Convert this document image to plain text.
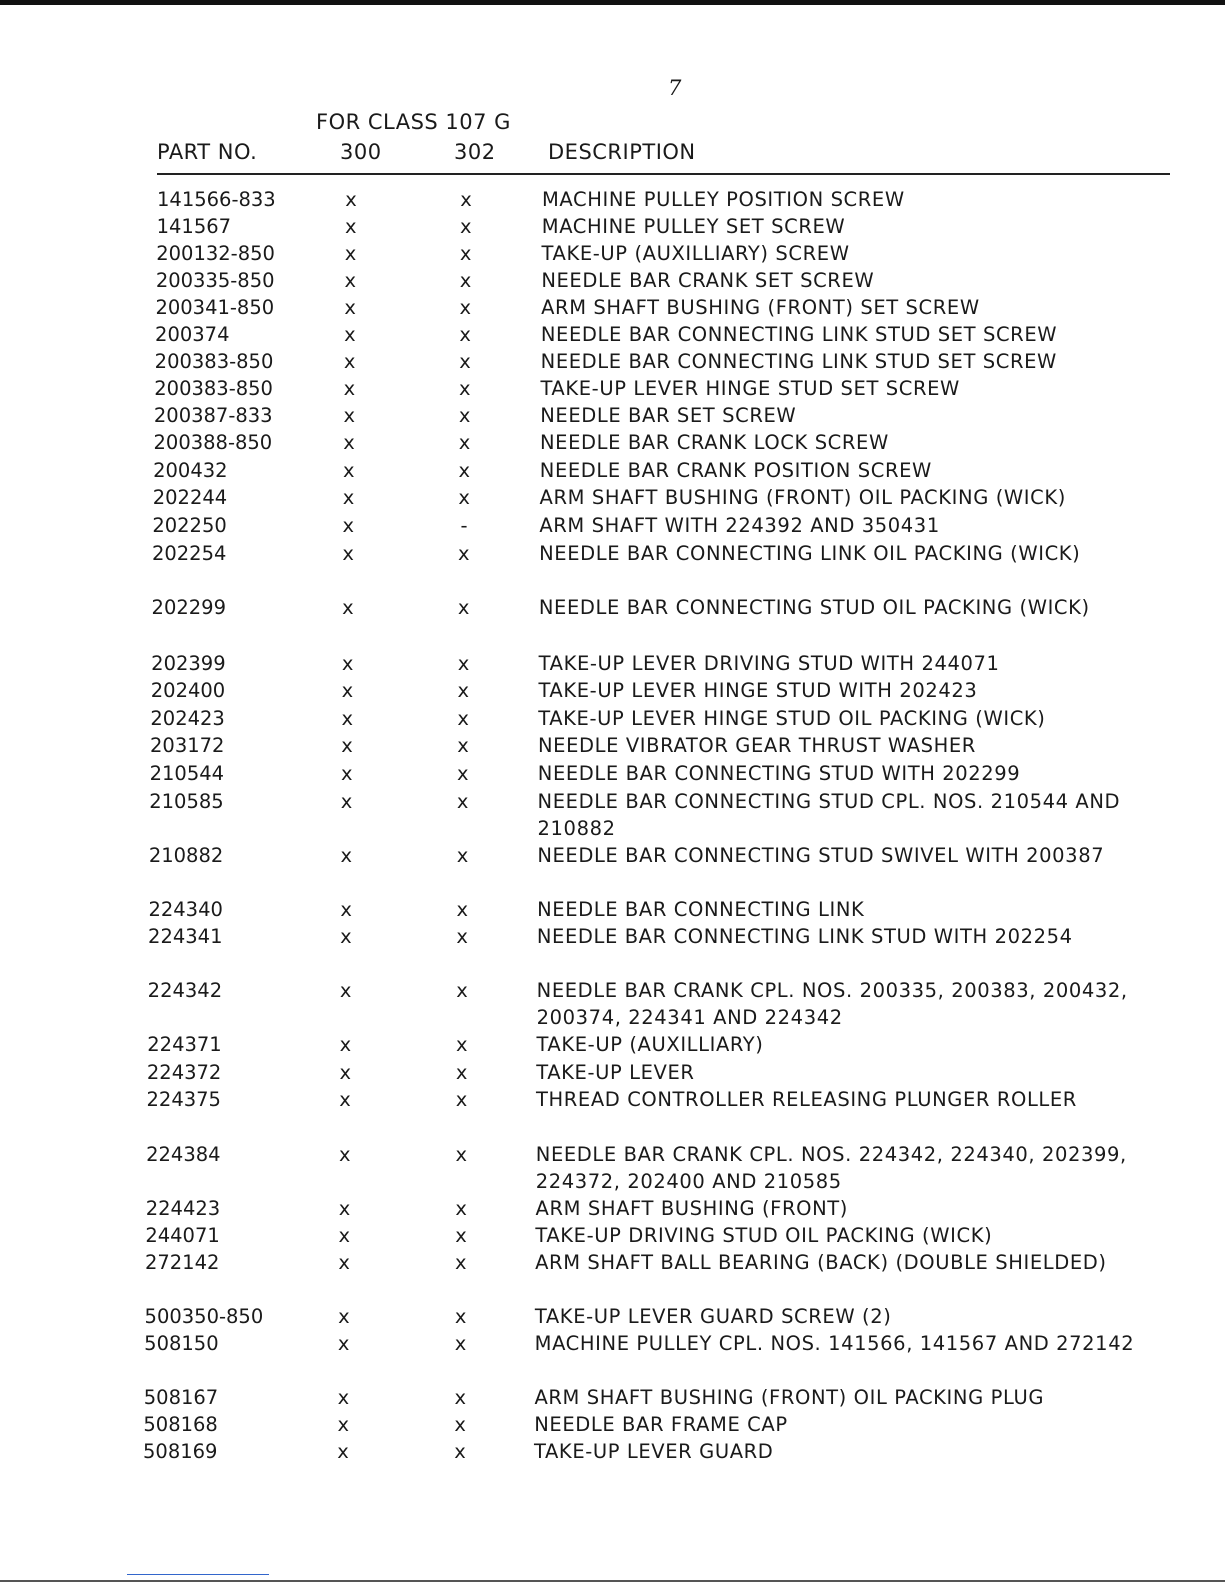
7
FOR CLASS 107 G
PART NO.	300	302 DESCRIPTION
141566-833	x	x	MACHINE PULLEY POSITION SCREW
141567	x	x	MACHINE PULLEY SET SCREW
200132-850	x	x	TAKE-UP (AUXILLIARY) SCREW
200335-850	x	x	NEEDLE BAR CRANK SET SCREW
200341-850	x	x	ARM SHAFT BUSHING (FRONT) SET SCREW
200374	x	x	NEEDLE BAR CONNECTING LINK STUD SET SCREW
200383-850	x	x	NEEDLE BAR CONNECTING LINK STUD SET SCREW
200383-850	x	x	TAKE-UP LEVER HINGE STUD SET SCREW
200387-833	x	x	NEEDLE BAR SET SCREW
200388-850	x	x	NEEDLE BAR CRANK LOCK SCREW
200432	x	x	NEEDLE BAR CRANK POSITION SCREW
202244	x	x	ARM SHAFT BUSHING (FRONT) OIL PACKING (WICK)
202250	x	-	ARM SHAFT WITH 224392 AND 350431
202254	x	x	NEEDLE BAR CONNECTING LINK OIL PACKING (WICK)
202299	x	x	NEEDLE BAR CONNECTING STUD OIL PACKING (WICK)
202399	x	x	TAKE-UP LEVER DRIVING STUD WITH 244071
202400	x	x	TAKE-UP LEVER HINGE STUD WITH 202423
202423	x	x	TAKE-UP LEVER HINGE STUD OIL PACKING (WICK)
203172	x	x	NEEDLE VIBRATOR GEAR THRUST WASHER
210544	x	x	NEEDLE BAR CONNECTING STUD WITH 202299
210585	x	x	NEEDLE BAR CONNECTING STUD CPL. NOS. 210544 AND 210882
210882	x	x	NEEDLE BAR CONNECTING STUD SWIVEL WITH 200387
224340	x	x	NEEDLE BAR CONNECTING LINK
224341	x	x	NEEDLE BAR CONNECTING LINK STUD WITH 202254
224342	x	x	NEEDLE BAR CRANK CPL. NOS. 200335, 200383, 200432, 200374, 224341 AND 224342
224371	x	x	TAKE-UP (AUXILLIARY)
224372	x	x	TAKE-UP LEVER
224375	x	x	THREAD CONTROLLER RELEASING PLUNGER ROLLER
224384	x	x	NEEDLE BAR CRANK CPL. NOS. 224342, 224340, 202399, 224372, 202400 AND 210585
224423	x	x	ARM SHAFT BUSHING (FRONT)
244071	x	x	TAKE-UP DRIVING STUD OIL PACKING (WICK)
272142	x	x	ARM SHAFT BALL BEARING (BACK) (DOUBLE SHIELDED)
500350-850	x	x	TAKE-UP LEVER GUARD SCREW (2)
508150	x	x	MACHINE PULLEY CPL. NOS. 141566, 141567 AND 272142
508167	x	x	ARM SHAFT BUSHING (FRONT) OIL PACKING PLUG
508168	x	x	NEEDLE BAR FRAME CAP
508169	x	x	TAKE-UP LEVER GUARD
